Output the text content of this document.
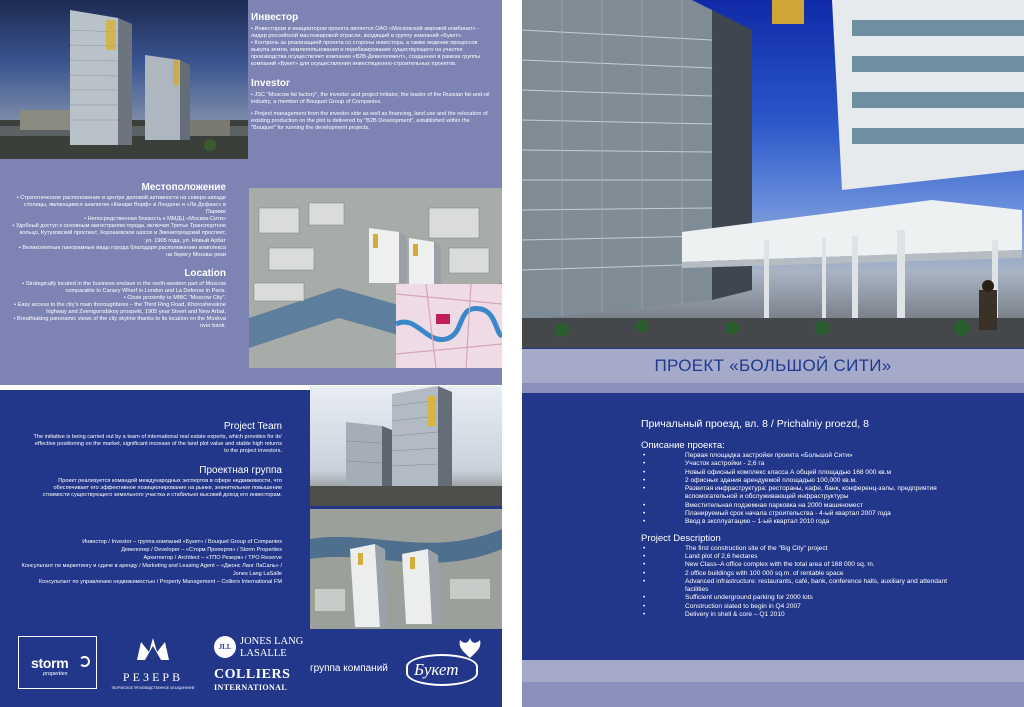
Инвестор

• Инвестором и инициатором проекта является ОАО «Московский жировой комбинат» - лидер российской масложировой отрасли, входящий в группу компаний «Букет».

• Контроль за реализацией проекта со стороны инвестора, а также ведение процессов выкупа земли, землепользования и перебазирование существующего на участке производства осуществляет компания «В2В-Девелопмент», созданная в рамках группы компаний «Букет» для осуществления инвестиционно-строительных проектов.

Investor

• JSC "Moscow fat factory", the investor and project initiator, the leader of the Russian fat-and-oil industry, a member of Bouquet Group of Companies.

• Project management from the investor side as well as financing, land use and the relocation of existing production on the plot is delivered by "B2B Development", established within the "Bouquet" for running the development projects.

Местоположение

• Стратегическое расположение в центре деловой активности на северо-западе столицы, являющимся аналогом «Канари Ворф» в Лондоне и «Ла Дефанс» в Париже

• Непосредственная близость к ММДЦ «Москва-Сити»

• Удобный доступ к основным магистралям города, включая Третье Транспортное кольцо, Кутузовский проспект, Хорошевское шоссе и Звенигородский проспект, ул. 1905 года, ул. Новый Арбат

• Великолепные панорамные виды города благодаря расположению комплекса на берегу Москвы реки

Location

• Strategically located in the business enclave in the north-western part of Moscow comparable to Canary Wharf in London and La Defense in Paris.

• Close proximity to MIBC "Moscow City".

• Easy access to the city's main thoroughfares – the Third Ring Road, Khoroshevskoe highway and Zvenigorodskoy prospekt, 1905 year Street and New Arbat.

• Breathtaking panoramic views of the city skyline thanks to its location on the Moskva river bank.

Project Team
The initiative is being carried out by a team of international real estate experts, which provides for its' effective positioning on the market, significant increase of the land plot value and stable high returns to the project investors.
Проектная группа
Проект реализуется командой международных экспертов в сфере недвижимости, что обеспечивает его эффективное позиционирование на рынке, значительное повышение стоимости существующего земельного участка и стабильно высокий доход его инвесторам.

Инвестор / Investor – группа компаний «Букет» / Bouquet Group of Companies

Девелопер / Developer – «Сторм Проперти» / Storm Properties

Архитектор / Architect – «ТПО Резерв» / TPO Reserve

Консультант по маркетингу и сдаче в аренду / Marketing and Leasing Agent – «Джонс Ланг ЛаСаль» / Jones Lang LaSalle

Консультант по управлению недвижимостью / Property Management – Colliers International FM

storm
properties	РЕЗЕРВ
ТВОРЧЕСКОЕ ПРОИЗВОДСТВЕННОЕ ОБЪЕДИНЕНИЕ
JLL JONES LANG
LASALLE
COLLIERS
INTERNATIONAL
группа компаний Букет
ПРОЕКТ «БОЛЬШОЙ СИТИ»
Причальный проезд, вл. 8 / Prichalniy proezd, 8
Описание проекта:
• Первая площадка застройки проекта «Большой Сити»
• Участок застройки - 2,6 га
• Новый офисный комплекс класса А общей площадью 168 000 кв.м
• 2 офисных здания арендуемой площадью 100,000 кв.м.
• Развитая инфраструктура: рестораны, кафе, банк, конференц-залы, предприятия вспомогательной и обслуживающей инфраструктуры
• Вместительная подземная парковка на 2000 машиномест
• Планируемый срок начала строительства - 4-ый квартал 2007 года
• Ввод в эксплуатацию – 1-ый квартал 2010 года
Project Description
• The first construction site of the "Big City" project
• Land plot of 2,6 hectares
• New Class–A office complex with the total area of 168 000 sq. m.
• 2 office buildings with 100 000 sq.m. of rentable space
• Advanced infrastructure: restaurants, café, bank, conference halls, auxiliary and attendant facilities
• Sufficient underground parking for 2000 lots
• Construction slated to begin in Q4 2007
• Delivery in shell & core – Q1 2010
